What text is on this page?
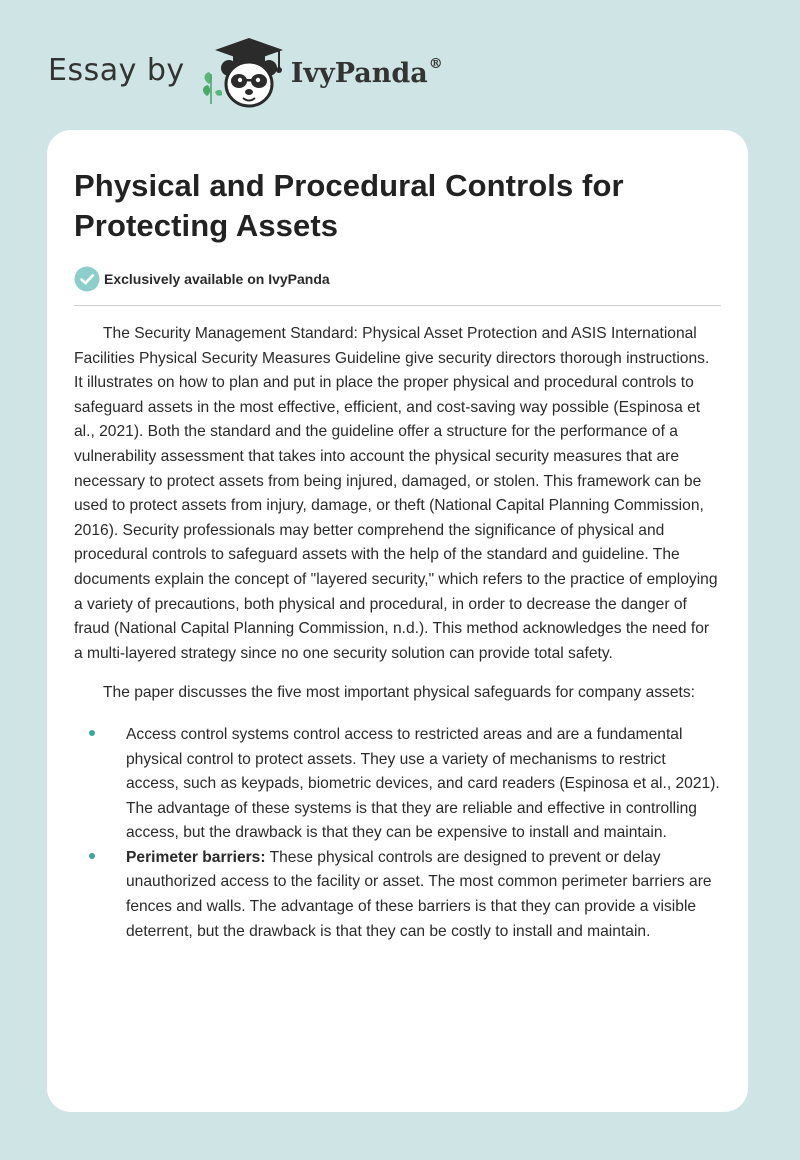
Essay by	IvyPanda®
Physical and Procedural Controls for Protecting Assets
Exclusively available on IvyPanda

The Security Management Standard: Physical Asset Protection and ASIS International Facilities Physical Security Measures Guideline give security directors thorough instructions. It illustrates on how to plan and put in place the proper physical and procedural controls to safeguard assets in the most effective, efficient, and cost-saving way possible (Espinosa et al., 2021). Both the standard and the guideline offer a structure for the performance of a vulnerability assessment that takes into account the physical security measures that are necessary to protect assets from being injured, damaged, or stolen. This framework can be used to protect assets from injury, damage, or theft (National Capital Planning Commission, 2016). Security professionals may better comprehend the significance of physical and procedural controls to safeguard assets with the help of the standard and guideline. The documents explain the concept of "layered security," which refers to the practice of employing a variety of precautions, both physical and procedural, in order to decrease the danger of fraud (National Capital Planning Commission, n.d.). This method acknowledges the need for a multi-layered strategy since no one security solution can provide total safety.

The paper discusses the five most important physical safeguards for company assets:

Access control systems control access to restricted areas and are a fundamental physical control to protect assets. They use a variety of mechanisms to restrict access, such as keypads, biometric devices, and card readers (Espinosa et al., 2021). The advantage of these systems is that they are reliable and effective in controlling access, but the drawback is that they can be expensive to install and maintain.
Perimeter barriers: These physical controls are designed to prevent or delay unauthorized access to the facility or asset. The most common perimeter barriers are fences and walls. The advantage of these barriers is that they can provide a visible deterrent, but the drawback is that they can be costly to install and maintain.
